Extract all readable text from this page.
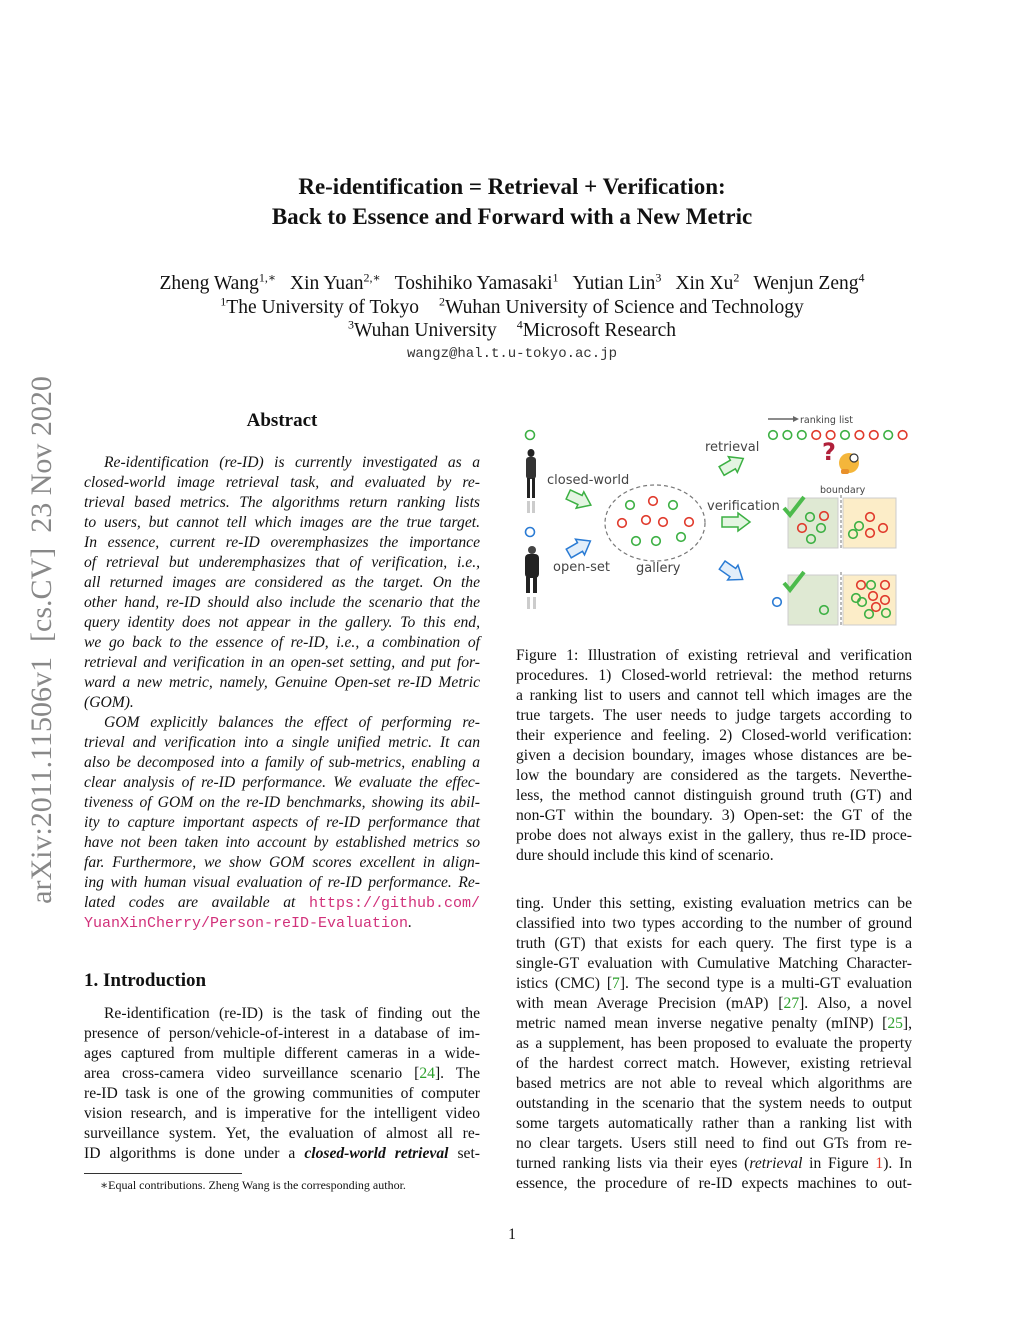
arXiv:2011.11506v1  [cs.CV]  23 Nov 2020
Re-identification = Retrieval + Verification:
Back to Essence and Forward with a New Metric
Zheng Wang$^{1,∗}$ Xin Yuan$^{2,∗}$ Toshihiko Yamasaki$^1$ Yutian Lin$^3$ Xin Xu$^2$ Wenjun Zeng$^4$
$^1$The University of Tokyo $^2$Wuhan University of Science and Technology
$^3$Wuhan University $^4$Microsoft Research
wangz@hal.t.u-tokyo.ac.jp
Abstract
Re-identification (re-ID) is currently investigated as a
closed-world image retrieval task, and evaluated by re-
trieval based metrics. The algorithms return ranking lists
to users, but cannot tell which images are the true target.
In essence, current re-ID overemphasizes the importance
of retrieval but underemphasizes that of verification, i.e.,
all returned images are considered as the target. On the
other hand, re-ID should also include the scenario that the
query identity does not appear in the gallery. To this end,
we go back to the essence of re-ID, i.e., a combination of
retrieval and verification in an open-set setting, and put for-
ward a new metric, namely, Genuine Open-set re-ID Metric
(GOM).
GOM explicitly balances the effect of performing re-
trieval and verification into a single unified metric. It can
also be decomposed into a family of sub-metrics, enabling a
clear analysis of re-ID performance. We evaluate the effec-
tiveness of GOM on the re-ID benchmarks, showing its abil-
ity to capture important aspects of re-ID performance that
have not been taken into account by established metrics so
far. Furthermore, we show GOM scores excellent in align-
ing with human visual evaluation of re-ID performance. Re-
lated codes are available at https://github.com/
YuanXinCherry/Person-reID-Evaluation.
1. Introduction
Re-identification (re-ID) is the task of finding out the
presence of person/vehicle-of-interest in a database of im-
ages captured from multiple different cameras in a wide-
area cross-camera video surveillance scenario [24]. The
re-ID task is one of the growing communities of computer
vision research, and is imperative for the intelligent video
surveillance system. Yet, the evaluation of almost all re-
ID algorithms is done under a closed-world retrieval set-
∗Equal contributions. Zheng Wang is the corresponding author.
closed-world
open-set gallery
retrieval
verification
ranking list
boundary
?
Figure 1: Illustration of existing retrieval and verification
procedures. 1) Closed-world retrieval: the method returns
a ranking list to users and cannot tell which images are the
true targets. The user needs to judge targets according to
their experience and feeling. 2) Closed-world verification:
given a decision boundary, images whose distances are be-
low the boundary are considered as the targets. Neverthe-
less, the method cannot distinguish ground truth (GT) and
non-GT within the boundary. 3) Open-set: the GT of the
probe does not always exist in the gallery, thus re-ID proce-
dure should include this kind of scenario.
ting. Under this setting, existing evaluation metrics can be
classified into two types according to the number of ground
truth (GT) that exists for each query. The first type is a
single-GT evaluation with Cumulative Matching Character-
istics (CMC) [7]. The second type is a multi-GT evaluation
with mean Average Precision (mAP) [27]. Also, a novel
metric named mean inverse negative penalty (mINP) [25],
as a supplement, has been proposed to evaluate the property
of the hardest correct match. However, existing retrieval
based metrics are not able to reveal which algorithms are
outstanding in the scenario that the system needs to output
some targets automatically rather than a ranking list with
no clear targets. Users still need to find out GTs from re-
turned ranking lists via their eyes (retrieval in Figure 1). In
essence, the procedure of re-ID expects machines to out-
1
